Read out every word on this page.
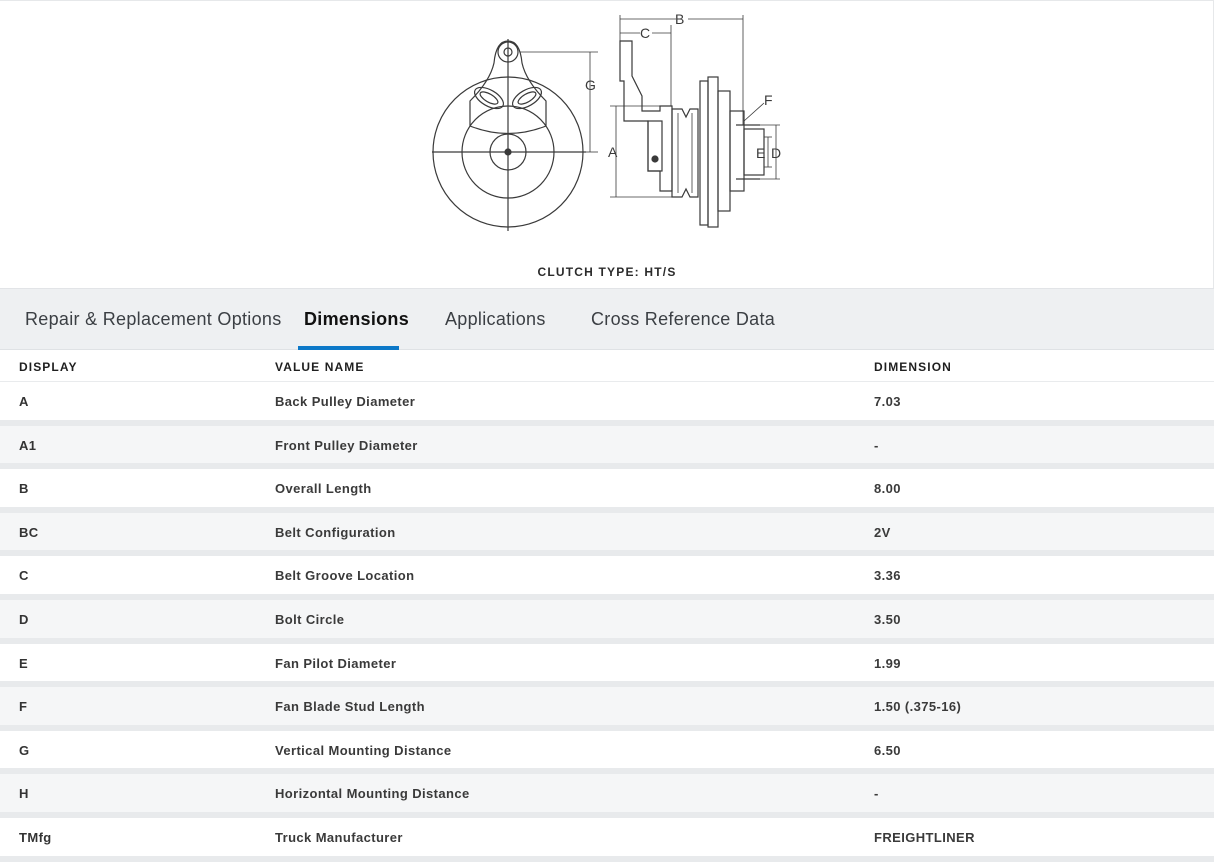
G
A
B
C
F
E D
CLUTCH TYPE: HT/S
Repair & Replacement Options Dimensions Applications	Cross Reference Data
DISPLAY	VALUE NAME	DIMENSION
A	Back Pulley Diameter	7.03
A1	Front Pulley Diameter	-
B	Overall Length	8.00
BC	Belt Configuration	2V
C	Belt Groove Location	3.36
D	Bolt Circle	3.50
E	Fan Pilot Diameter	1.99
F	Fan Blade Stud Length	1.50 (.375-16)
G	Vertical Mounting Distance	6.50
H	Horizontal Mounting Distance	-
TMfg	Truck Manufacturer	FREIGHTLINER
